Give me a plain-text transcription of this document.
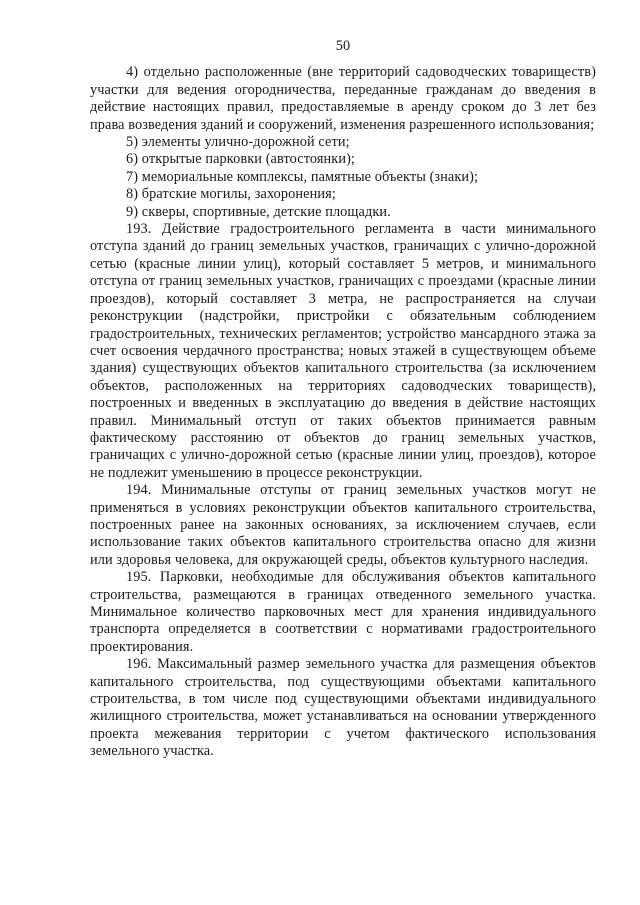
50

4) отдельно расположенные (вне территорий садоводческих товариществ) участки для ведения огородничества, переданные гражданам до введения в действие настоящих правил, предоставляемые в аренду сроком до 3 лет без права возведения зданий и сооружений, изменения разрешенного использования;

5) элементы улично-дорожной сети;

6) открытые парковки (автостоянки);

7) мемориальные комплексы, памятные объекты (знаки);

8) братские могилы, захоронения;

9) скверы, спортивные, детские площадки.

193. Действие градостроительного регламента в части минимального отступа зданий до границ земельных участков, граничащих с улично-дорожной сетью (красные линии улиц), который составляет 5 метров, и минимального отступа от границ земельных участков, граничащих с проездами (красные линии проездов), который составляет 3 метра, не распространяется на случаи реконструкции (надстройки, пристройки с обязательным соблюдением градостроительных, технических регламентов; устройство мансардного этажа за счет освоения чердачного пространства; новых этажей в существующем объеме здания) существующих объектов капитального строительства (за исключением объектов, расположенных на территориях садоводческих товариществ), построенных и введенных в эксплуатацию до введения в действие настоящих правил. Минимальный отступ от таких объектов принимается равным фактическому расстоянию от объектов до границ земельных участков, граничащих с улично-дорожной сетью (красные линии улиц, проездов), которое не подлежит уменьшению в процессе реконструкции.

194. Минимальные отступы от границ земельных участков могут не применяться в условиях реконструкции объектов капитального строительства, построенных ранее на законных основаниях, за исключением случаев, если использование таких объектов капитального строительства опасно для жизни или здоровья человека, для окружающей среды, объектов культурного наследия.

195. Парковки, необходимые для обслуживания объектов капитального строительства, размещаются в границах отведенного земельного участка. Минимальное количество парковочных мест для хранения индивидуального транспорта определяется в соответствии с нормативами градостроительного проектирования.

196. Максимальный размер земельного участка для размещения объектов капитального строительства, под существующими объектами капитального строительства, в том числе под существующими объектами индивидуального жилищного строительства, может устанавливаться на основании утвержденного проекта межевания территории с учетом фактического использования земельного участка.
